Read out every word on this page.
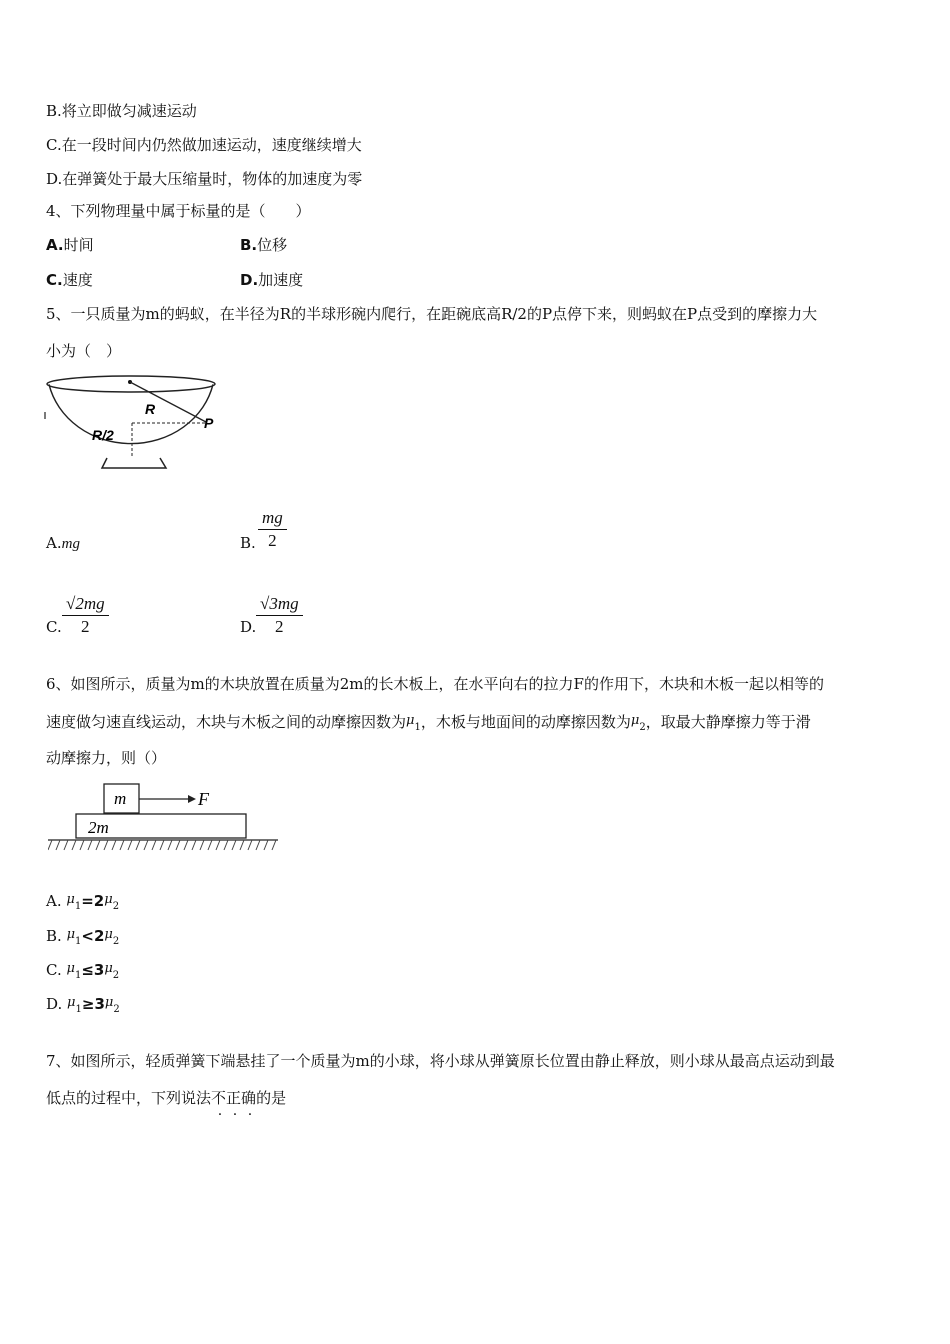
B.将立即做匀减速运动
C.在一段时间内仍然做加速运动，速度继续增大
D.在弹簧处于最大压缩量时，物体的加速度为零
4、下列物理量中属于标量的是（　　）
A.时间	B.位移
C.速度	D.加速度
5、一只质量为m的蚂蚁，在半径为R的半球形碗内爬行，在距碗底高R/2的P点停下来，则蚂蚁在P点受到的摩擦力大
小为（　）
R
R/2
P
A.mg	B. $\frac{mg}{2}$
C. $\frac{√2mg}{2}$	D. $\frac{√3mg}{2}$
6、如图所示，质量为m的木块放置在质量为2m的长木板上，在水平向右的拉力F的作用下，木块和木板一起以相等的
速度做匀速直线运动，木块与木板之间的动摩擦因数为$\mu_1$，木板与地面间的动摩擦因数为$\mu_2$，取最大静摩擦力等于滑
动摩擦力，则（）
m
2m
F
A. $\mu_1=2\mu_2$
B. $\mu_1<2\mu_2$
C. $\mu_1\le 3\mu_2$
D. $\mu_1\ge 3\mu_2$
7、如图所示，轻质弹簧下端悬挂了一个质量为m的小球，将小球从弹簧原长位置由静止释放，则小球从最高点运动到最
低点的过程中，下列说法不正确的是
